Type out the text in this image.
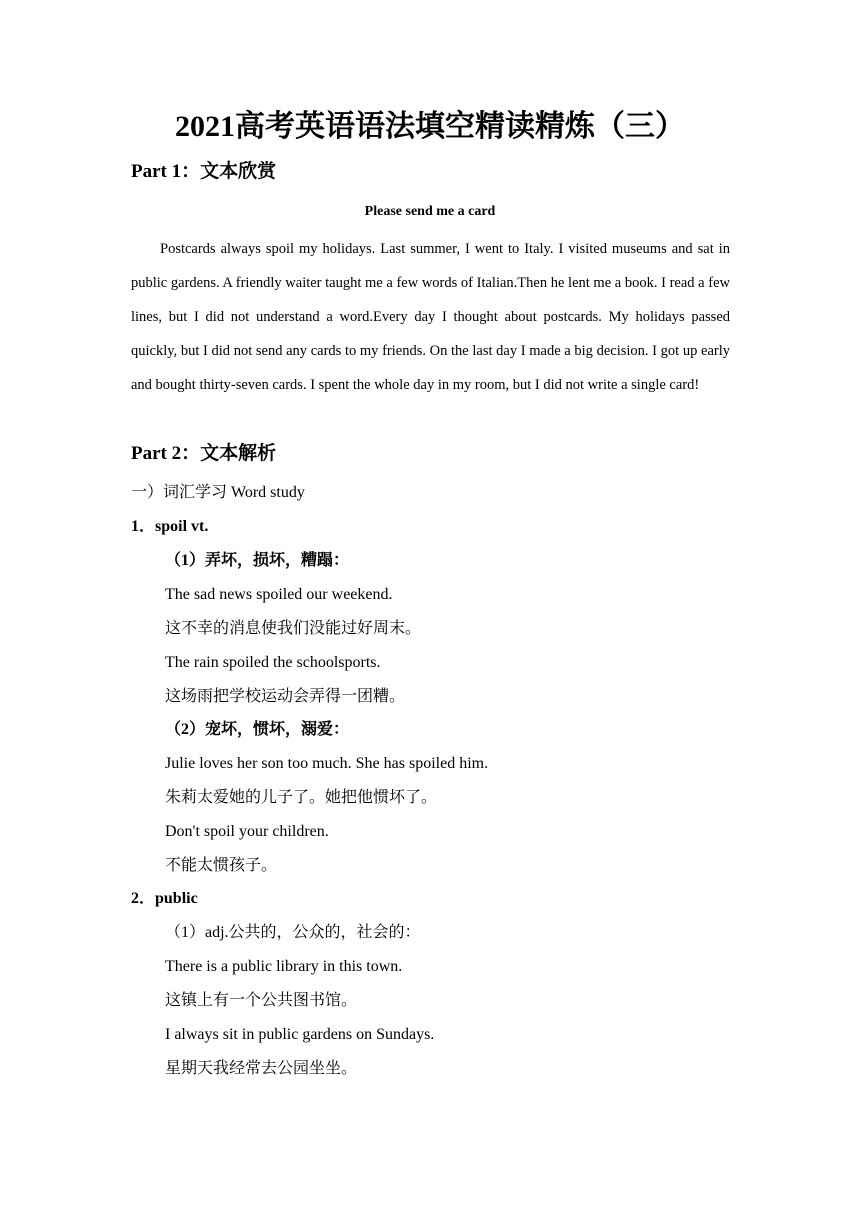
2021高考英语语法填空精读精炼（三）
Part 1：文本欣赏
Please send me a card

Postcards always spoil my holidays. Last summer, I went to Italy. I visited museums and sat in public gardens. A friendly waiter taught me a few words of Italian.Then he lent me a book. I read a few lines, but I did not understand a word.Every day I thought about postcards. My holidays passed quickly, but I did not send any cards to my friends. On the last day I made a big decision. I got up early and bought thirty-seven cards. I spent the whole day in my room, but I did not write a single card!

Part 2：文本解析
一）词汇学习 Word study
1．spoil vt.
（1）弄坏，损坏，糟蹋：
The sad news spoiled our weekend.
这不幸的消息使我们没能过好周末。
The rain spoiled the schoolsports.
这场雨把学校运动会弄得一团糟。
（2）宠坏，惯坏，溺爱：
Julie loves her son too much. She has spoiled him.
朱莉太爱她的儿子了。她把他惯坏了。
Don't spoil your children.
不能太惯孩子。
2．public
（1）adj.公共的，公众的，社会的：
There is a public library in this town.
这镇上有一个公共图书馆。
I always sit in public gardens on Sundays.
星期天我经常去公园坐坐。
